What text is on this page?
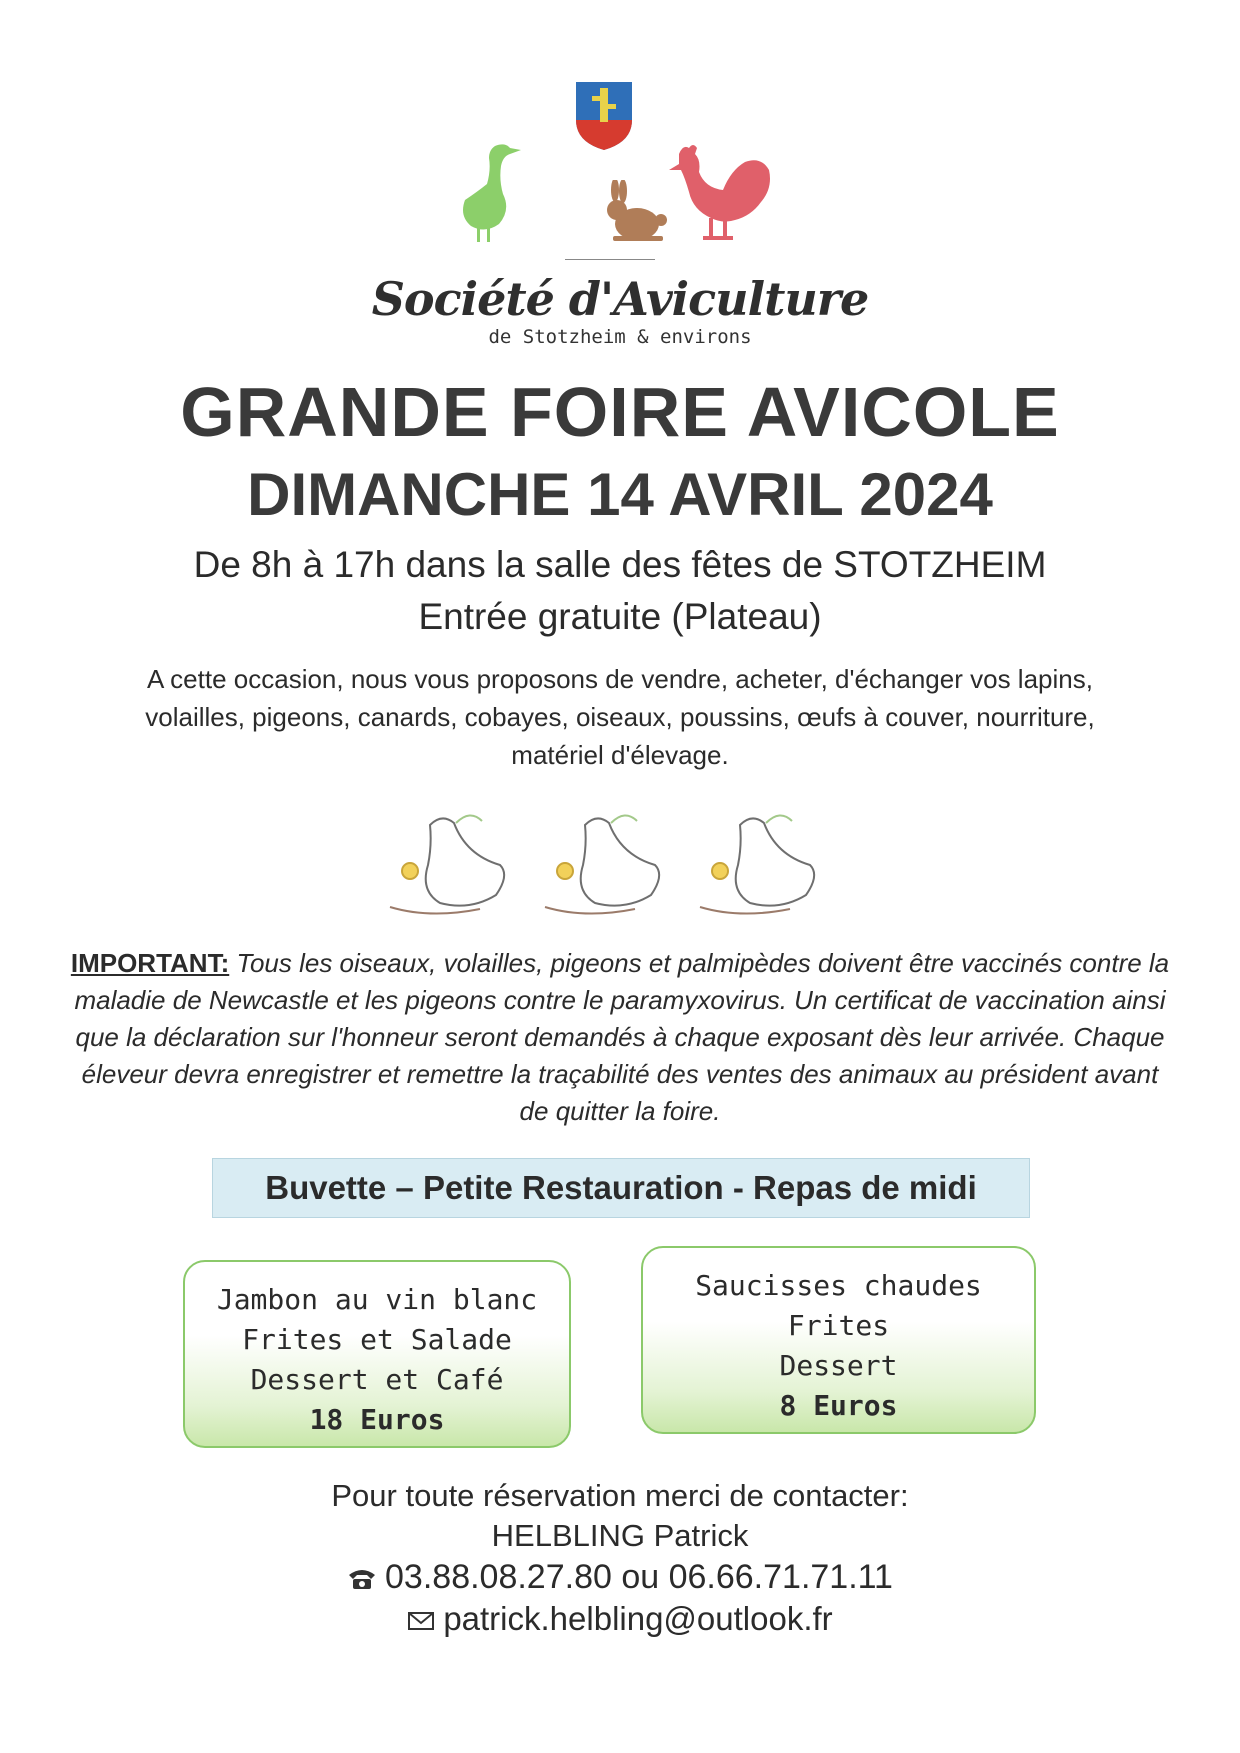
Société d'Aviculture
de Stotzheim & environs
GRANDE FOIRE AVICOLE
DIMANCHE 14 AVRIL 2024
De 8h à 17h dans la salle des fêtes de STOTZHEIM
Entrée gratuite (Plateau)
A cette occasion, nous vous proposons de vendre, acheter, d'échanger vos lapins, volailles, pigeons, canards, cobayes, oiseaux, poussins, œufs à couver, nourriture, matériel d'élevage.
IMPORTANT: Tous les oiseaux, volailles, pigeons et palmipèdes doivent être vaccinés contre la maladie de Newcastle et les pigeons contre le paramyxovirus. Un certificat de vaccination ainsi que la déclaration sur l'honneur seront demandés à chaque exposant dès leur arrivée. Chaque éleveur devra enregistrer et remettre la traçabilité des ventes des animaux au président avant de quitter la foire.
Buvette – Petite Restauration - Repas de midi
Jambon au vin blanc
Frites et Salade
Dessert et Café
18 Euros
Saucisses chaudes
Frites
Dessert
8 Euros
Pour toute réservation merci de contacter:
HELBLING Patrick
03.88.08.27.80 ou 06.66.71.71.11
patrick.helbling@outlook.fr
